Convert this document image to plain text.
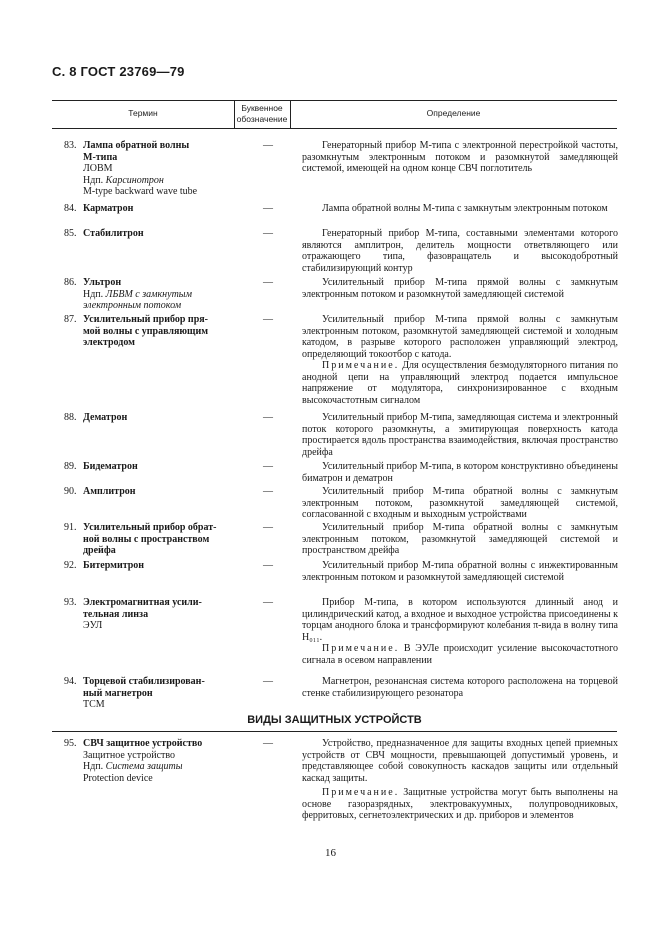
С. 8 ГОСТ 23769—79
Термин	Буквенное
обозначение
Определение
83. Лампа обратной волны
М-типа
ЛОВМ
Ндп. Карсинотрон
M-type backward wave tube
—	Генераторный прибор М-типа с электронной перестройкой частоты, разомкнутым электронным потоком и разомкнутой замедляющей системой, имеющей на одном конце СВЧ поглотитель

84. Карматрон	—	Лампа обратной волны М-типа с замкнутым электронным потоком

85. Стабилитрон	—	Генераторный прибор М-типа, составными элементами которого являются амплитрон, делитель мощности ответвляющего или отражающего типа, фазовращатель и высокодобротный стабилизирующий контур

86. Ультрон
Ндп. ЛБВМ с замкнутым
электронным потоком
—	Усилительный прибор М-типа прямой волны с замкнутым электронным потоком и разомкнутой замедляющей системой

87. Усилительный прибор пря-
мой волны с управляющим
электродом
—	Усилительный прибор М-типа прямой волны с замкнутым электронным потоком, разомкнутой замедляющей системой и холодным катодом, в разрыве которого расположен управляющий электрод, определяющий токоотбор с катода.

Примечание. Для осуществления безмодуляторного питания по анодной цепи на управляющий электрод подается импульсное напряжение от модулятора, синхронизированное с входным высокочастотным сигналом

88. Дематрон	—	Усилительный прибор М-типа, замедляющая система и электронный поток которого разомкнуты, а эмитирующая поверхность катода простирается вдоль пространства взаимодействия, включая пространство дрейфа

89. Бидематрон	—	Усилительный прибор М-типа, в котором конструктивно объединены биматрон и дематрон

90. Амплитрон	—	Усилительный прибор М-типа обратной волны с замкнутым электронным потоком, разомкнутой замедляющей системой, согласованной с входным и выходным устройствами

91. Усилительный прибор обрат-
ной волны с пространством
дрейфа
—	Усилительный прибор М-типа обратной волны с замкнутым электронным потоком, разомкнутой замедляющей системой и пространством дрейфа

92. Битермитрон	—	Усилительный прибор М-типа обратной волны с инжектированным электронным потоком и разомкнутой замедляющей системой

93. Электромагнитная усили-
тельная линза
ЭУЛ
—	Прибор М-типа, в котором используются длинный анод и цилиндрический катод, а входное и выходное устройства присоединены к торцам анодного блока и трансформируют колебания π-вида в волну типа H₀₁₁.

Примечание. В ЭУЛе происходит усиление высокочастотного сигнала в осевом направлении

94. Торцевой стабилизирован-
ный магнетрон
ТСМ
—	Магнетрон, резонансная система которого расположена на торцевой стенке стабилизирующего резонатора

ВИДЫ ЗАЩИТНЫХ УСТРОЙСТВ
95. СВЧ защитное устройство
Защитное устройство
Ндп. Система защиты
Protection device
—	Устройство, предназначенное для защиты входных цепей приемных устройств от СВЧ мощности, превышающей допустимый уровень, и представляющее собой совокупность каскадов защиты или отдельный каскад защиты.

Примечание. Защитные устройства могут быть выполнены на основе газоразрядных, электровакуумных, полупроводниковых, ферритовых, сегнетоэлектрических и др. приборов и элементов

16
